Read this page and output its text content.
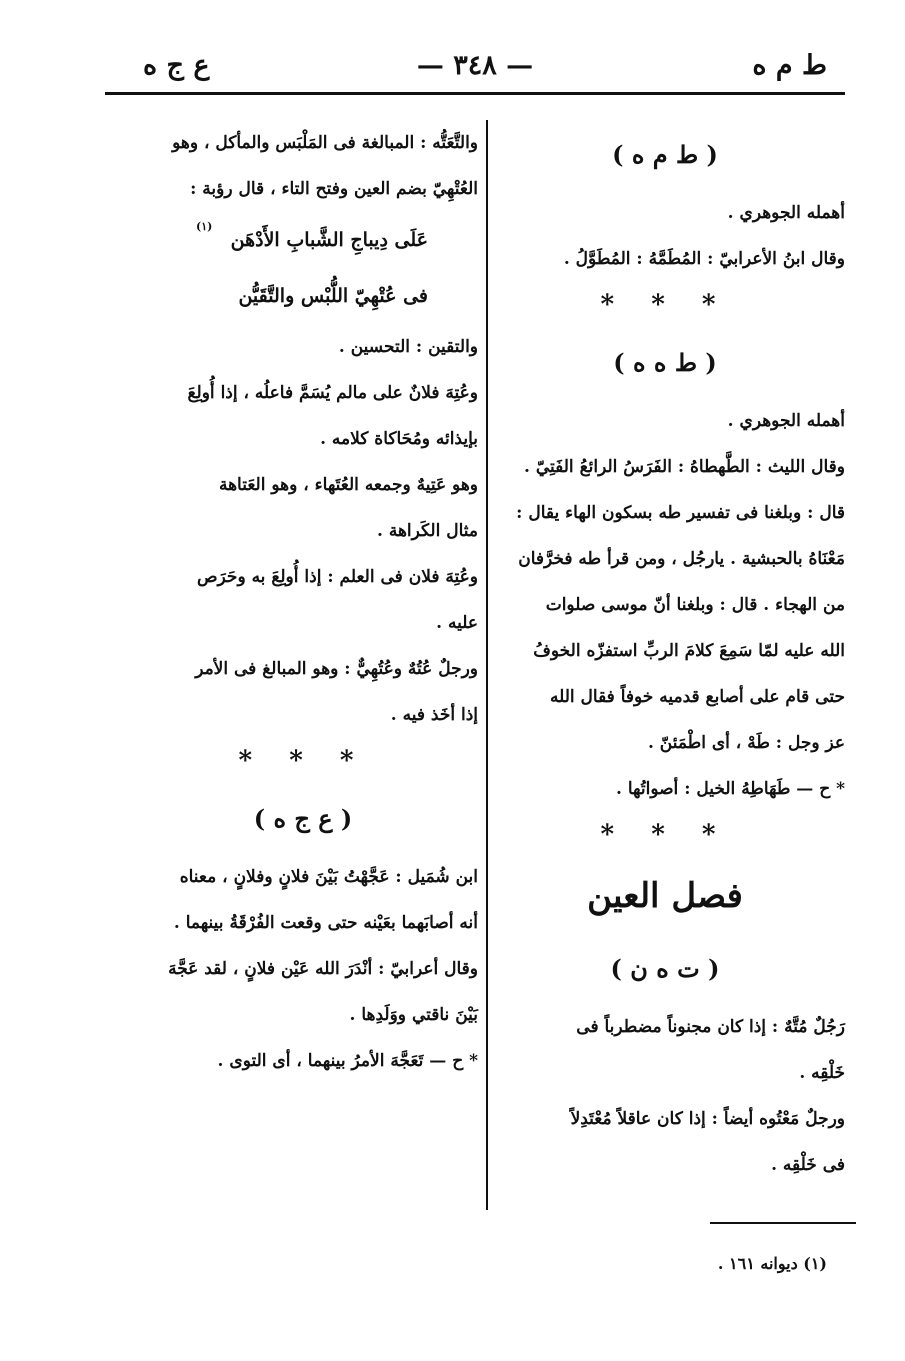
ط م ه
— ٣٤٨ —
ع ج ه

( ط م ه )

أهمله الجوهري .

وقال ابنُ الأعرابيّ : المُطَمَّهُ : المُطَوَّلُ .

* * *

( ط ه ه )

أهمله الجوهري .

وقال الليث : الطَّهطاهُ : الفَرَسُ الرائعُ الفَتِيّ .

قال : وبلغنا فى تفسير طه بسكون الهاء يقال :

مَعْنَاهُ بالحبشية . يارجُل ، ومن قرأ طه فخرَّفان

من الهجاء . قال : وبلغنا أنّ موسى صلوات

الله عليه لمّا سَمِعَ كلامَ الربِّ استفزّه الخوفُ

حتى قام على أصابع قدميه خوفاً فقال الله

عز وجل : طَهْ ، أى اطْمَئنّ .

* ح — طَهَاطِهُ الخيل : أصواتُها .

* * *

فصل العين

( ت ه ن )

رَجُلٌ مُتَّهٌ : إذا كان مجنوناً مضطرباً فى

خَلْقِه .

ورجلٌ مَعْتُوه أيضاً : إذا كان عاقلاً مُعْتَدِلاً

فى خَلْقِه .

والتَّعَتُّه : المبالغة فى المَلْبَس والمأكل ، وهو

العُتْهِيّ بضم العين وفتح التاء ، قال رؤبة :

عَلَى دِيباجِ الشَّبابِ الأَدْهَن

فى عُتْهِيّ اللُّبْس والتَّقَيُّن

والتقين : التحسين .

وعُتِهَ فلانٌ على مالم يُسَمَّ فاعلُه ، إذا أُولِعَ

بإيذائه ومُحَاكاة كلامه .

وهو عَتِيهٌ وجمعه العُتَهاء ، وهو العَتاهة

مثال الكَراهة .

وعُتِهَ فلان فى العلم : إذا أُولِعَ به وحَرَص

عليه .

ورجلٌ عُتُهٌ وعُتُهِيٌّ : وهو المبالغ فى الأمر

إذا أخَذ فيه .

* * *

( ع ج ه )

ابن شُمَيل : عَجَّهْتُ بَيْنَ فلانٍ وفلانٍ ، معناه

أنه أصابَهما بعَيْنه حتى وقعت الفُرْقَةُ بينهما .

وقال أعرابيّ : أنْدَرَ الله عَيْن فلانٍ ، لقد عَجَّهَ

بَيْنَ ناقتي ووَلَدِها .

* ح — تَعَجَّهَ الأمرُ بينهما ، أى التوى .

(١)
(١) ديوانه ١٦١ .
